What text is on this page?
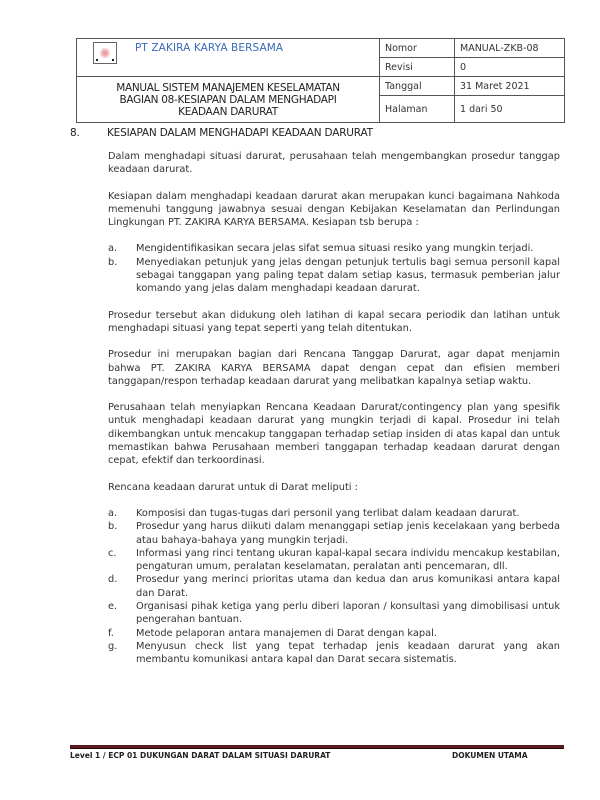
PT ZAKIRA KARYA BERSAMA	Nomor	MANUAL-ZKB-08
	Revisi	0

MANUAL SISTEM MANAJEMEN KESELAMATAN
BAGIAN 08-KESIAPAN DALAM MENGHADAPI
KEADAAN DARURAT	Tanggal	31 Maret 2021
	Halaman	1 dari 50
8.	KESIAPAN DALAM MENGHADAPI KEADAAN DARURAT

Dalam menghadapi situasi darurat, perusahaan telah mengembangkan prosedur tanggap keadaan darurat.

Kesiapan dalam menghadapi keadaan darurat akan merupakan kunci bagaimana Nahkoda memenuhi tanggung jawabnya sesuai dengan Kebijakan Keselamatan dan Perlindungan Lingkungan PT. ZAKIRA KARYA BERSAMA. Kesiapan tsb berupa :

a.	Mengidentifikasikan secara jelas sifat semua situasi resiko yang mungkin terjadi.
b.	Menyediakan petunjuk yang jelas dengan petunjuk tertulis bagi semua personil kapal sebagai tanggapan yang paling tepat dalam setiap kasus, termasuk pemberian jalur komando yang jelas dalam menghadapi keadaan darurat.

Prosedur tersebut akan didukung oleh latihan di kapal secara periodik dan latihan untuk menghadapi situasi yang tepat seperti yang telah ditentukan.

Prosedur ini merupakan bagian dari Rencana Tanggap Darurat, agar dapat menjamin bahwa PT. ZAKIRA KARYA BERSAMA dapat dengan cepat dan efisien memberi tanggapan/respon terhadap keadaan darurat yang melibatkan kapalnya setiap waktu.

Perusahaan telah menyiapkan Rencana Keadaan Darurat/contingency plan yang spesifik untuk menghadapi keadaan darurat yang mungkin terjadi di kapal. Prosedur ini telah dikembangkan untuk mencakup tanggapan terhadap setiap insiden di atas kapal dan untuk memastikan bahwa Perusahaan memberi tanggapan terhadap keadaan darurat dengan cepat, efektif dan terkoordinasi.

Rencana keadaan darurat untuk di Darat meliputi :

a.	Komposisi dan tugas-tugas dari personil yang terlibat dalam keadaan darurat.
b.	Prosedur yang harus diikuti dalam menanggapi setiap jenis kecelakaan yang berbeda atau bahaya-bahaya yang mungkin terjadi.
c.	Informasi yang rinci tentang ukuran kapal-kapal secara individu mencakup kestabilan, pengaturan umum, peralatan keselamatan, peralatan anti pencemaran, dll.
d.	Prosedur yang merinci prioritas utama dan kedua dan arus komunikasi antara kapal dan Darat.
e.	Organisasi pihak ketiga yang perlu diberi laporan / konsultasi yang dimobilisasi untuk pengerahan bantuan.
f.	Metode pelaporan antara manajemen di Darat dengan kapal.
g.	Menyusun check list yang tepat terhadap jenis keadaan darurat yang akan membantu komunikasi antara kapal dan Darat secara sistematis.
Level 1 / ECP 01 DUKUNGAN DARAT DALAM SITUASI DARURAT	DOKUMEN UTAMA
